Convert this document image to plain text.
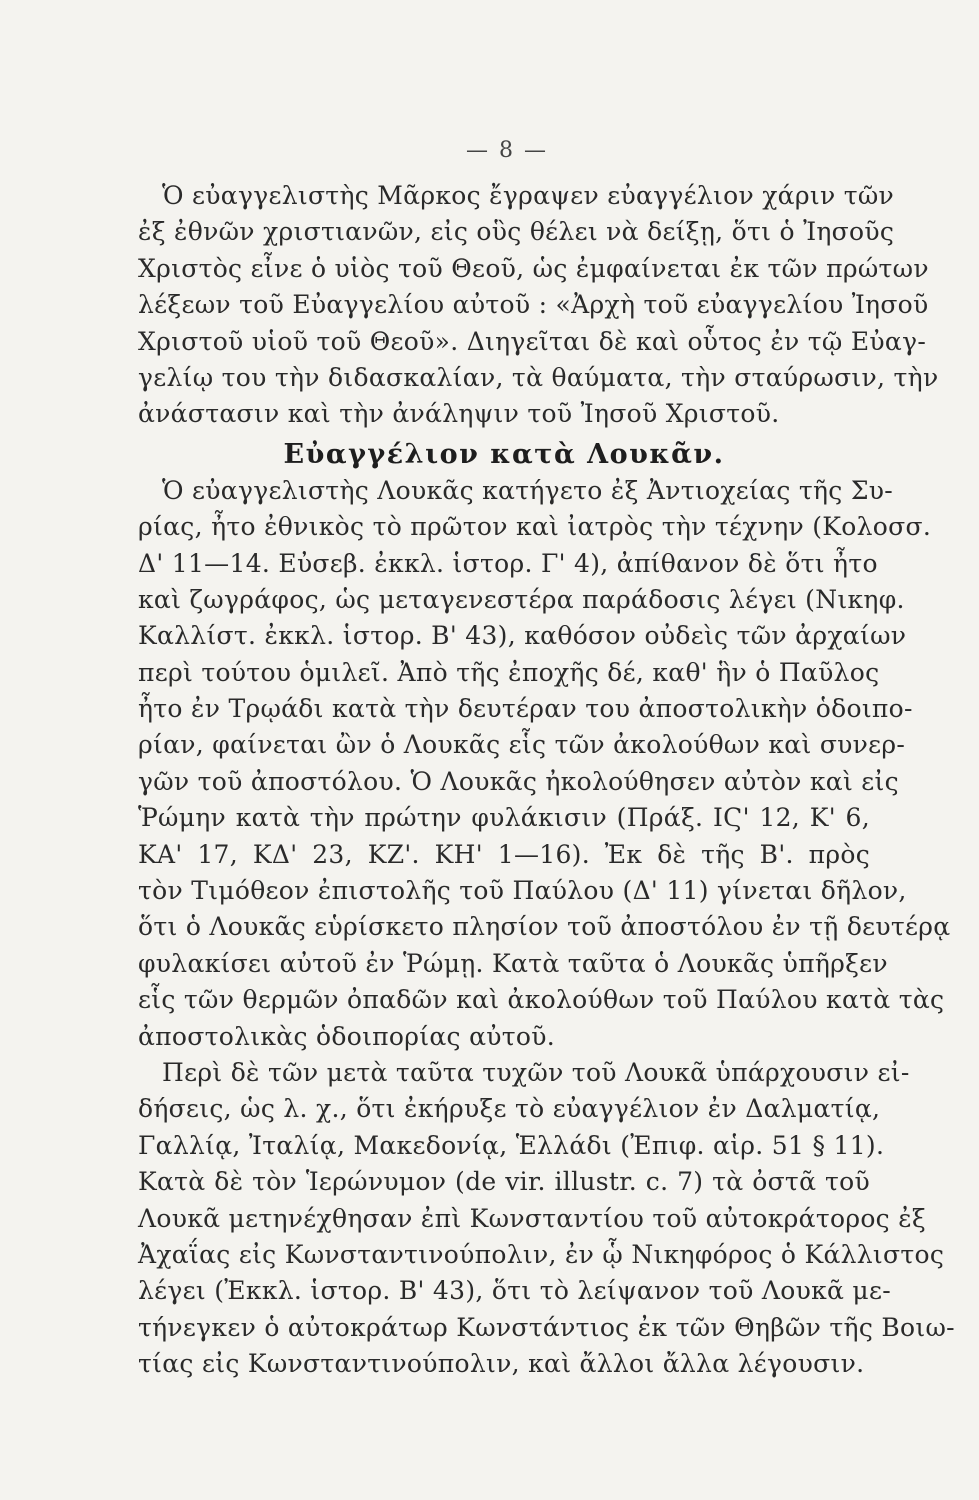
— 8 —
Ὁ εὐαγγελιστὴς Μᾶρκος ἔγραψεν εὐαγγέλιον χάριν τῶν
ἐξ ἐθνῶν χριστιανῶν, εἰς οὓς θέλει νὰ δείξῃ, ὅτι ὁ Ἰησοῦς
Χριστὸς εἶνε ὁ υἱὸς τοῦ Θεοῦ, ὡς ἐμφαίνεται ἐκ τῶν πρώτων
λέξεων τοῦ Εὐαγγελίου αὐτοῦ : «Ἀρχὴ τοῦ εὐαγγελίου Ἰησοῦ
Χριστοῦ υἱοῦ τοῦ Θεοῦ». Διηγεῖται δὲ καὶ οὗτος ἐν τῷ Εὐαγ-
γελίῳ του τὴν διδασκαλίαν, τὰ θαύματα, τὴν σταύρωσιν, τὴν
ἀνάστασιν καὶ τὴν ἀνάληψιν τοῦ Ἰησοῦ Χριστοῦ.
Εὐαγγέλιον κατὰ Λουκᾶν.
Ὁ εὐαγγελιστὴς Λουκᾶς κατήγετο ἐξ Ἀντιοχείας τῆς Συ-
ρίας, ἦτο ἐθνικὸς τὸ πρῶτον καὶ ἰατρὸς τὴν τέχνην (Κολοσσ.
Δ' 11—14. Εὐσεβ. ἐκκλ. ἱστορ. Γ' 4), ἀπίθανον δὲ ὅτι ἦτο
καὶ ζωγράφος, ὡς μεταγενεστέρα παράδοσις λέγει (Νικηφ.
Καλλίστ. ἐκκλ. ἱστορ. Β' 43), καθόσον οὐδεὶς τῶν ἀρχαίων
περὶ τούτου ὁμιλεῖ. Ἀπὸ τῆς ἐποχῆς δέ, καθ' ἣν ὁ Παῦλος
ἦτο ἐν Τρῳάδι κατὰ τὴν δευτέραν του ἀποστολικὴν ὁδοιπο-
ρίαν, φαίνεται ὢν ὁ Λουκᾶς εἷς τῶν ἀκολούθων καὶ συνερ-
γῶν τοῦ ἀποστόλου. Ὁ Λουκᾶς ἠκολούθησεν αὐτὸν καὶ εἰς
Ῥώμην κατὰ τὴν πρώτην φυλάκισιν (Πράξ. ΙϚ' 12, Κ' 6,
ΚΑ' 17, ΚΔ' 23, ΚΖ'. ΚΗ' 1—16). Ἐκ δὲ τῆς Β'. πρὸς
τὸν Τιμόθεον ἐπιστολῆς τοῦ Παύλου (Δ' 11) γίνεται δῆλον,
ὅτι ὁ Λουκᾶς εὑρίσκετο πλησίον τοῦ ἀποστόλου ἐν τῇ δευτέρᾳ
φυλακίσει αὐτοῦ ἐν Ῥώμῃ. Κατὰ ταῦτα ὁ Λουκᾶς ὑπῆρξεν
εἷς τῶν θερμῶν ὀπαδῶν καὶ ἀκολούθων τοῦ Παύλου κατὰ τὰς
ἀποστολικὰς ὁδοιπορίας αὐτοῦ.
Περὶ δὲ τῶν μετὰ ταῦτα τυχῶν τοῦ Λουκᾶ ὑπάρχουσιν εἰ-
δήσεις, ὡς λ. χ., ὅτι ἐκήρυξε τὸ εὐαγγέλιον ἐν Δαλματίᾳ,
Γαλλίᾳ, Ἰταλίᾳ, Μακεδονίᾳ, Ἑλλάδι (Ἐπιφ. αἱρ. 51 § 11).
Κατὰ δὲ τὸν Ἱερώνυμον (de vir. illustr. c. 7) τὰ ὀστᾶ τοῦ
Λουκᾶ μετηνέχθησαν ἐπὶ Κωνσταντίου τοῦ αὐτοκράτορος ἐξ
Ἀχαΐας εἰς Κωνσταντινούπολιν, ἐν ᾧ Νικηφόρος ὁ Κάλλιστος
λέγει (Ἐκκλ. ἱστορ. Β' 43), ὅτι τὸ λείψανον τοῦ Λουκᾶ με-
τήνεγκεν ὁ αὐτοκράτωρ Κωνστάντιος ἐκ τῶν Θηβῶν τῆς Βοιω-
τίας εἰς Κωνσταντινούπολιν, καὶ ἄλλοι ἄλλα λέγουσιν.
